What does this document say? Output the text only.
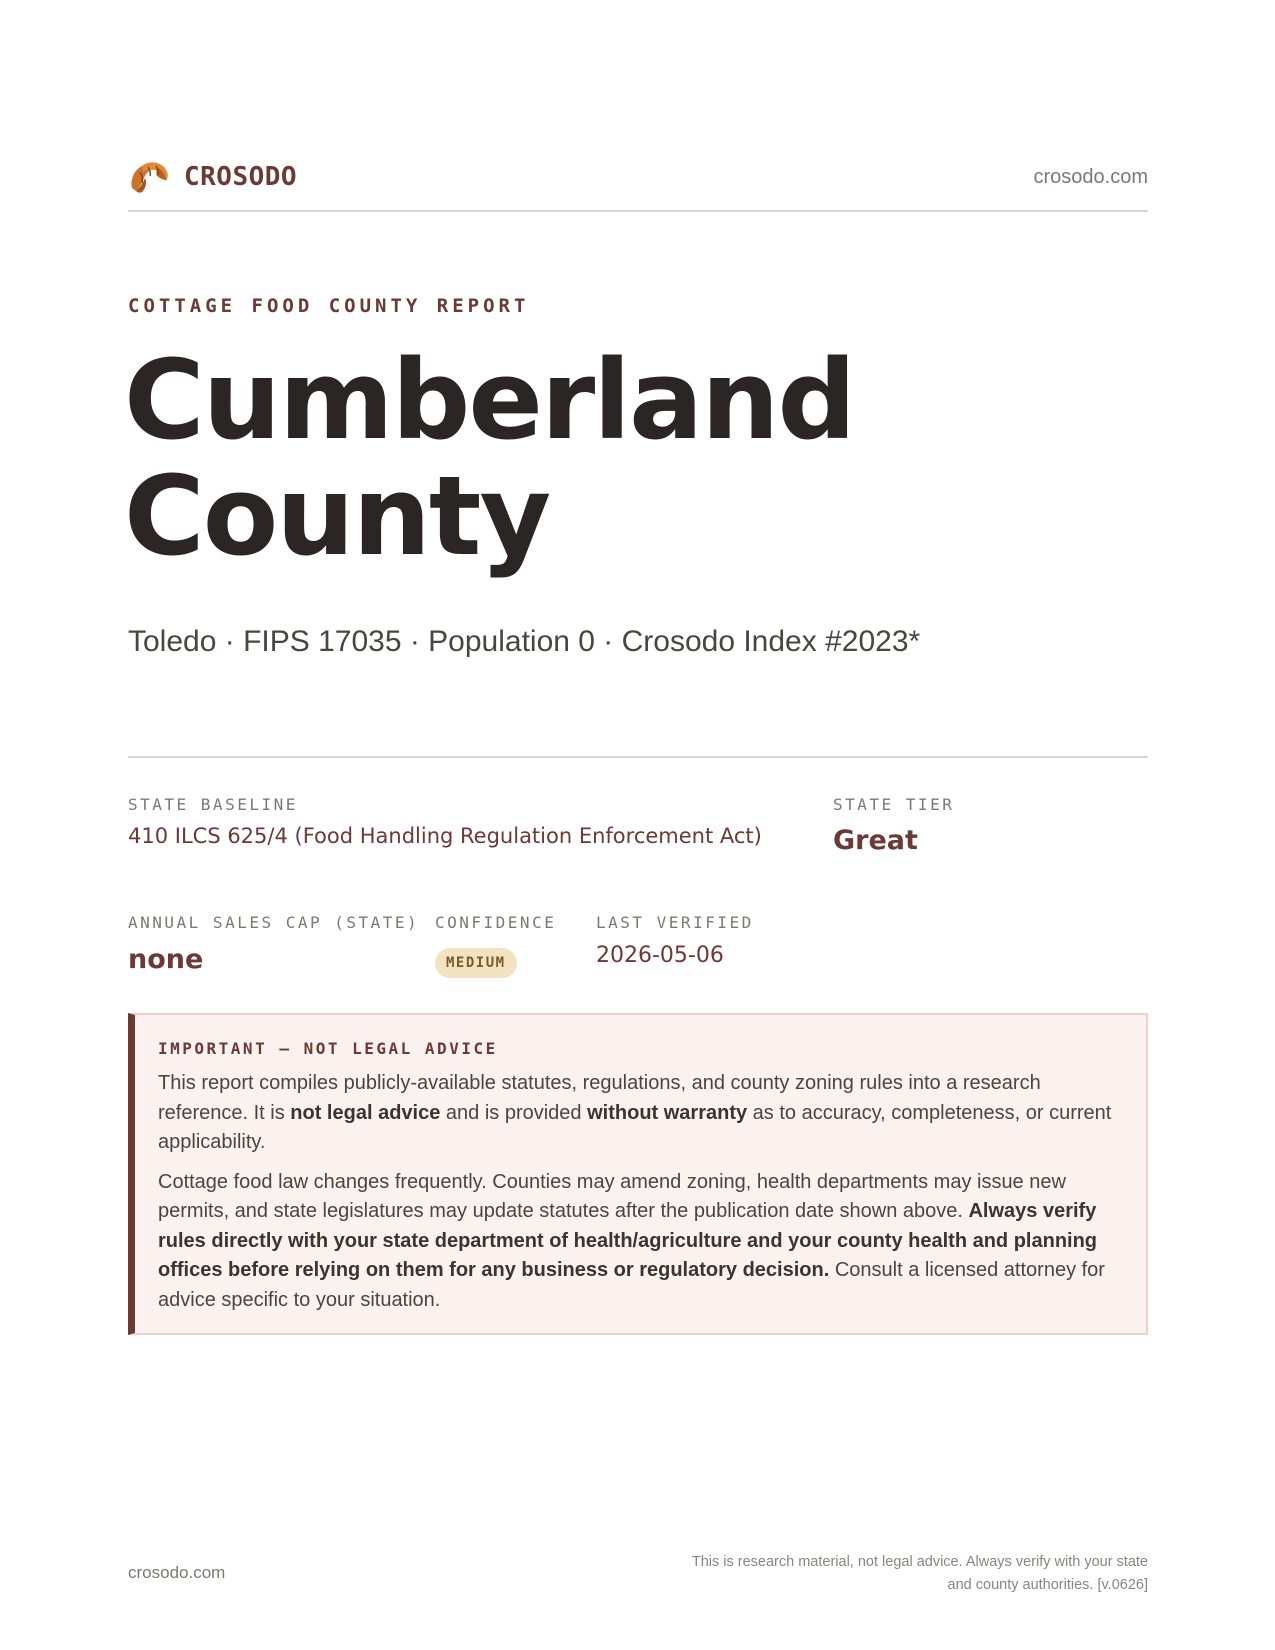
CROSODO	crosodo.com
COTTAGE FOOD COUNTY REPORT
Cumberland County
Toledo · FIPS 17035 · Population 0 · Crosodo Index #2023*
STATE BASELINE
410 ILCS 625/4 (Food Handling Regulation Enforcement Act)
STATE TIER
Great
ANNUAL SALES CAP (STATE)
none
CONFIDENCE
MEDIUM
LAST VERIFIED
2026-05-06
IMPORTANT — NOT LEGAL ADVICE

This report compiles publicly-available statutes, regulations, and county zoning rules into a research reference. It is not legal advice and is provided without warranty as to accuracy, completeness, or current applicability.

Cottage food law changes frequently. Counties may amend zoning, health departments may issue new permits, and state legislatures may update statutes after the publication date shown above. Always verify rules directly with your state department of health/agriculture and your county health and planning offices before relying on them for any business or regulatory decision. Consult a licensed attorney for advice specific to your situation.

crosodo.com
This is research material, not legal advice. Always verify with your state
and county authorities. [v.0626]
